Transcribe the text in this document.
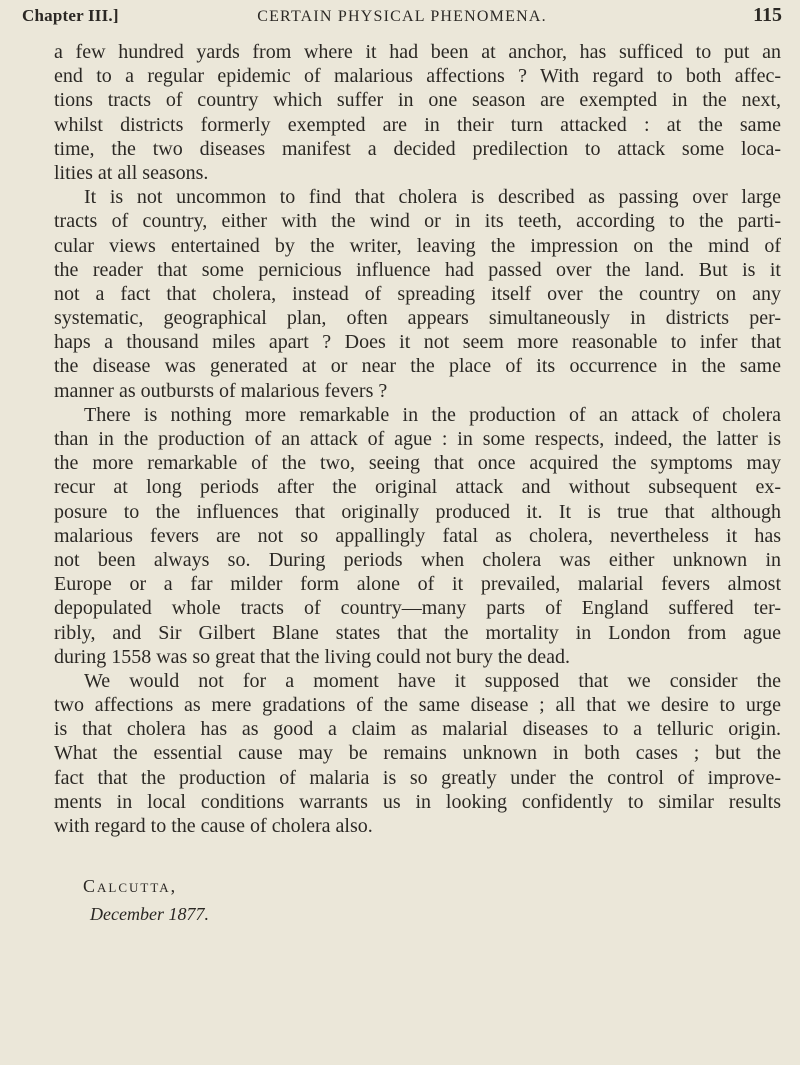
Chapter III.]	CERTAIN PHYSICAL PHENOMENA.	115
a few hundred yards from where it had been at anchor, has sufficed to put an
end to a regular epidemic of malarious affections ? With regard to both affec-
tions tracts of country which suffer in one season are exempted in the next,
whilst districts formerly exempted are in their turn attacked : at the same
time, the two diseases manifest a decided predilection to attack some loca-
lities at all seasons.
It is not uncommon to find that cholera is described as passing over large
tracts of country, either with the wind or in its teeth, according to the parti-
cular views entertained by the writer, leaving the impression on the mind of
the reader that some pernicious influence had passed over the land. But is it
not a fact that cholera, instead of spreading itself over the country on any
systematic, geographical plan, often appears simultaneously in districts per-
haps a thousand miles apart ? Does it not seem more reasonable to infer that
the disease was generated at or near the place of its occurrence in the same
manner as outbursts of malarious fevers ?
There is nothing more remarkable in the production of an attack of cholera
than in the production of an attack of ague : in some respects, indeed, the latter is
the more remarkable of the two, seeing that once acquired the symptoms may
recur at long periods after the original attack and without subsequent ex-
posure to the influences that originally produced it. It is true that although
malarious fevers are not so appallingly fatal as cholera, nevertheless it has
not been always so. During periods when cholera was either unknown in
Europe or a far milder form alone of it prevailed, malarial fevers almost
depopulated whole tracts of country—many parts of England suffered ter-
ribly, and Sir Gilbert Blane states that the mortality in London from ague
during 1558 was so great that the living could not bury the dead.
We would not for a moment have it supposed that we consider the
two affections as mere gradations of the same disease ; all that we desire to urge
is that cholera has as good a claim as malarial diseases to a telluric origin.
What the essential cause may be remains unknown in both cases ; but the
fact that the production of malaria is so greatly under the control of improve-
ments in local conditions warrants us in looking confidently to similar results
with regard to the cause of cholera also.
Calcutta,
December 1877.
